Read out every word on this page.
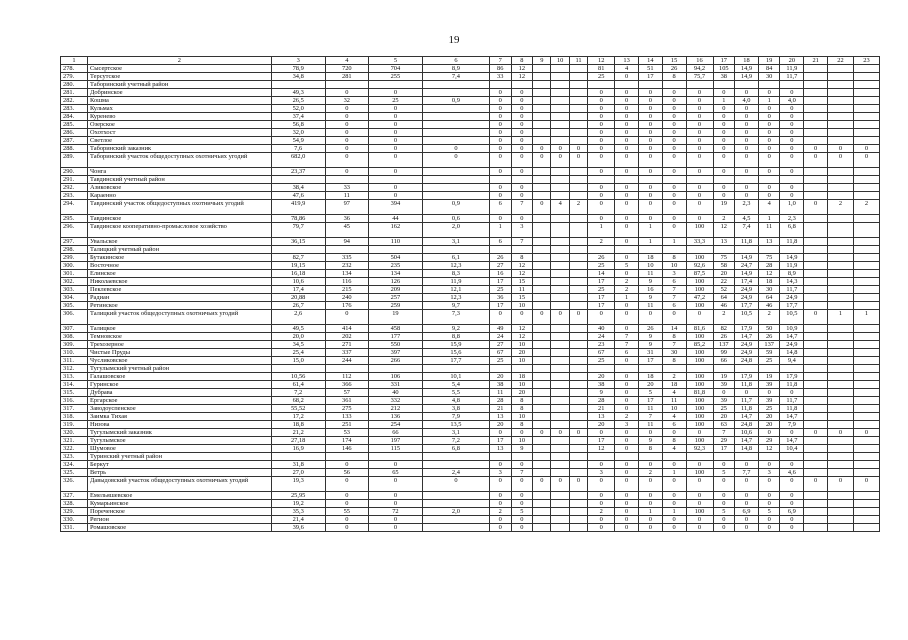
19
1	2	3	4	5	6	7	8	9	10	11	12	13	14	15	16	17	18	19	20	21	22	23
278.	Сысертское	78,9	720	704	8,9	86	12				81	4	51	26	94,2	105	14,9	84	11,9			
279.	Терсутское	34,8	281	255	7,4	33	12				25	0	17	8	75,7	38	14,9	30	11,7			
280.	Таборинский учетный район																					
281.	Добринское	49,3	0	0		0	0				0	0	0	0	0	0	0	0	0			
282.	Кошма	26,5	32	25	0,9	0	0				0	0	0	0	0	1	4,0	1	4,0			
283.	Кульмах	52,0	0	0		0	0				0	0	0	0	0	0	0	0	0			
284.	Куренево	37,4	0	0		0	0				0	0	0	0	0	0	0	0	0			
285.	Озерское	56,8	0	0		0	0				0	0	0	0	0	0	0	0	0			
286.	Охотхост	32,0	0	0		0	0				0	0	0	0	0	0	0	0	0			
287.	Светлое	54,9	0	0		0	0				0	0	0	0	0	0	0	0	0			
288.	Таборинский заказник	7,6	0	0	0	0	0	0	0	0	0	0	0	0	0	0	0	0	0	0	0	0
289.	Таборинский участок общедоступных охотничьих угодий	682,0	0	0	0	0	0	0	0	0	0	0	0	0	0	0	0	0	0	0	0	0
290.	Чонга	23,37	0	0		0	0				0	0	0	0	0	0	0	0	0			
291.	Тавдинский учетный район																					
292.	Азиковское	38,4	33	0		0	0				0	0	0	0	0	0	0	0	0			
293.	Караенно	47,6	11	0		0	0				0	0	0	0	0	0	0	0	0			
294.	Тавдинский участок общедоступных охотничьих угодий	419,9	97	394	0,9	6	7	0	4	2	0	0	0	0	0	19	2,3	4	1,0	0	2	2
295.	Тавдинское	78,86	36	44	0,6	0	0				0	0	0	0	0	2	4,5	1	2,3			
296.	Тавдинское кооперативно-промысловое хозяйство	79,7	45	162	2,0	1	3				1	0	1	0	100	12	7,4	11	6,8			
297.	Увальское	36,15	94	110	3,1	6	7				2	0	1	1	33,3	13	11,8	13	11,8			
298.	Талицкий учетный район																					
299.	Бутакинское	82,7	335	504	6,1	26	8				26	0	18	8	100	75	14,9	75	14,9			
300.	Восточное	19,15	232	235	12,3	27	12				25	5	10	10	92,6	58	24,7	28	11,9			
301.	Елинское	16,18	134	134	8,3	16	12				14	0	11	3	87,5	20	14,9	12	8,9			
302.	Николаевское	10,6	116	126	11,9	17	15				17	2	9	6	100	22	17,4	18	14,3			
303.	Пеклевское	17,4	215	209	12,1	25	11				25	2	16	7	100	52	24,9	30	11,7			
304.	Радиан	20,88	240	257	12,3	36	15				17	1	9	7	47,2	64	24,9	64	24,9			
305.	Ретинское	26,7	176	259	9,7	17	10				17	0	11	6	100	46	17,7	46	17,7			
306.	Талицкий участок общедоступных охотничьих угодий	2,6	0	19	7,3	0	0	0	0	0	0	0	0	0	0	2	10,5	2	10,5	0	1	1
307.	Талицкое	49,5	414	458	9,2	49	12				40	0	26	14	81,6	82	17,9	50	10,9			
308.	Темновское	20,0	202	177	8,8	24	12				24	7	9	8	100	26	14,7	26	14,7			
309.	Трехозерное	34,5	271	550	15,9	27	10				23	7	9	7	85,2	137	24,9	137	24,9			
310.	Чистые Пруды	25,4	337	397	15,6	67	20				67	6	31	30	100	99	24,9	59	14,8			
311.	Чусликовское	15,0	244	266	17,7	25	10				25	0	17	8	100	66	24,8	25	9,4			
312.	Тугулымский учетный район																					
313.	Галашовское	10,56	112	106	10,1	20	18				20	0	18	2	100	19	17,9	19	17,9			
314.	Гуринское	61,4	366	331	5,4	38	10				38	0	20	18	100	39	11,8	39	11,8			
315.	Дубрава	7,2	57	40	5,5	11	20				9	0	5	4	81,8	0	0	0	0			
316.	Ергарское	68,2	361	332	4,8	28	8				28	0	17	11	100	39	11,7	39	11,7			
317.	Заводоуспенское	55,52	275	212	3,8	21	8				21	0	11	10	100	25	11,8	25	11,8			
318.	Заимка Тихая	17,2	133	136	7,9	13	10				13	2	7	4	100	20	14,7	20	14,7			
319.	Низова	18,8	251	254	13,5	20	8				20	3	11	6	100	63	24,8	20	7,9			
320.	Тугулымский заказник	21,2	53	66	3,1	0	0	0	0	0	0	0	0	0	0	7	10,6	0	0	0	0	0
321.	Тугулымское	27,18	174	197	7,2	17	10				17	0	9	8	100	29	14,7	29	14,7			
322.	Шумовое	16,9	146	115	6,8	13	9				12	0	8	4	92,3	17	14,8	12	10,4			
323.	Туринский учетный район																					
324.	Беркут	31,8	0	0		0	0				0	0	0	0	0	0	0	0	0			
325.	Ветрь	27,0	56	65	2,4	3	7				3	0	2	1	100	5	7,7	3	4,6			
326.	Давыдовский участок общедоступных охотничьих угодий	19,3	0	0	0	0	0	0	0	0	0	0	0	0	0	0	0	0	0	0	0	0
327.	Емельяшевское	25,95	0	0		0	0				0	0	0	0	0	0	0	0	0			
328.	Кумарьинское	19,2	0	0		0	0				0	0	0	0	0	0	0	0	0			
329.	Пореченское	35,3	55	72	2,0	2	5				2	0	1	1	100	5	6,9	5	6,9			
330.	Регион	21,4	0	0		0	0				0	0	0	0	0	0	0	0	0			
331.	Ромашовское	39,6	0	0		0	0				0	0	0	0	0	0	0	0	0			
